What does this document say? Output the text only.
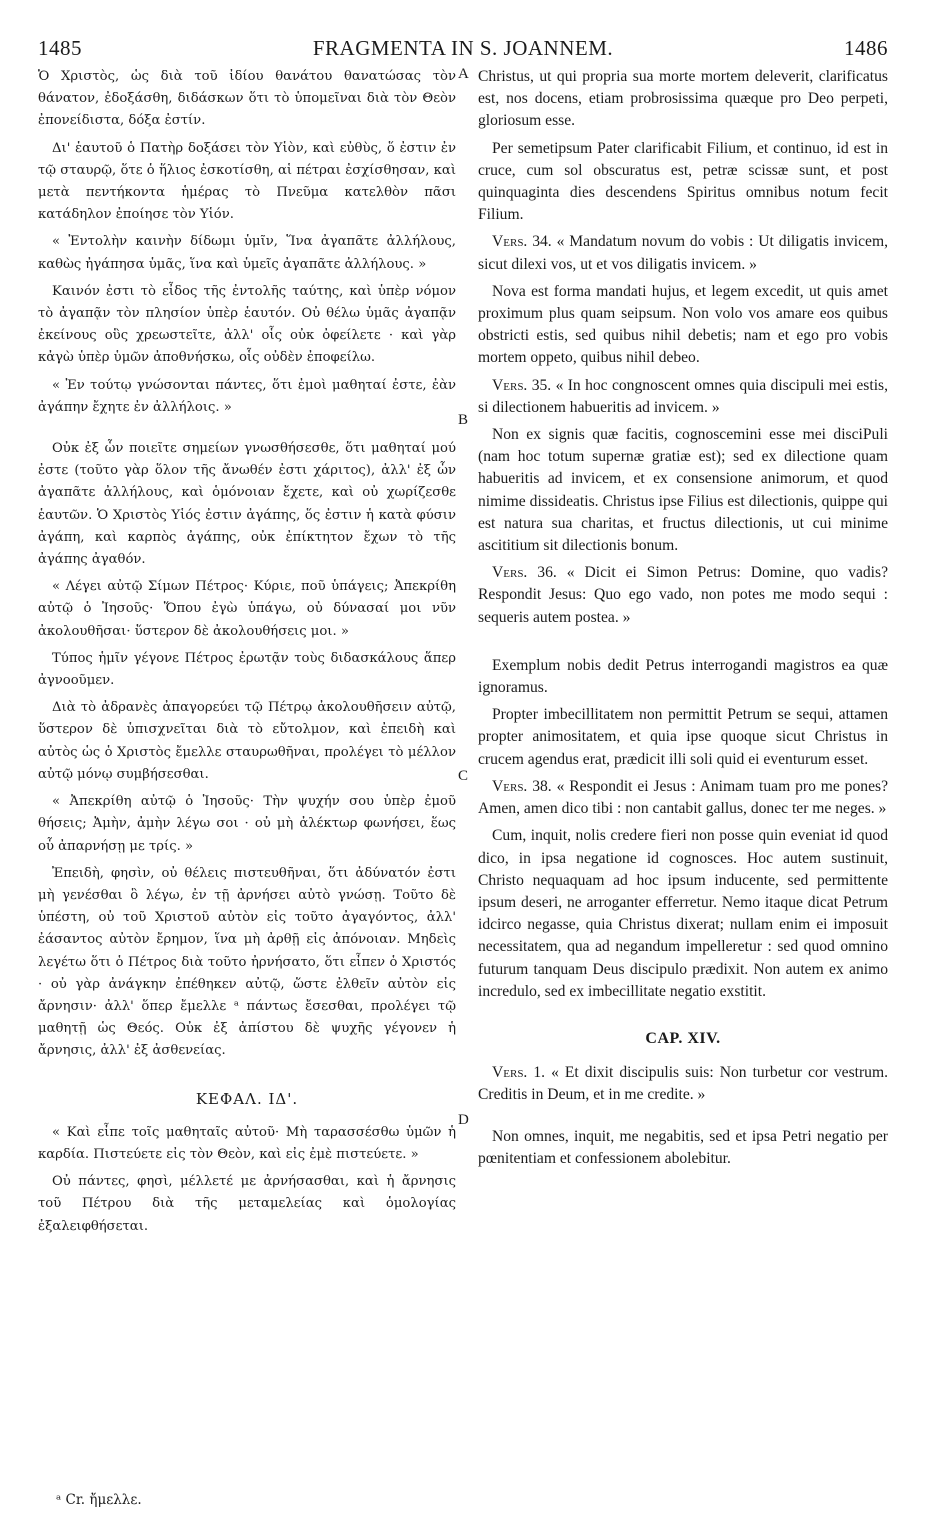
1485	FRAGMENTA IN S. JOANNEM.	1486
A
B
C
D

Ὁ Χριστὸς, ὡς διὰ τοῦ ἰδίου θανάτου θανατώσας τὸν θάνατον, ἐδοξάσθη, διδάσκων ὅτι τὸ ὑπομεῖναι διὰ τὸν Θεὸν ἐπονείδιστα, δόξα ἐστίν.

Δι' ἑαυτοῦ ὁ Πατὴρ δοξάσει τὸν Υἱὸν, καὶ εὐθὺς, ὅ ἐστιν ἐν τῷ σταυρῷ, ὅτε ὁ ἥλιος ἐσκοτίσθη, αἱ πέτραι ἐσχίσθησαν, καὶ μετὰ πεντήκοντα ἡμέρας τὸ Πνεῦμα κατελθὸν πᾶσι κατάδηλον ἐποίησε τὸν Υἱόν.

« Ἐντολὴν καινὴν δίδωμι ὑμῖν, Ἵνα ἀγαπᾶτε ἀλλήλους, καθὼς ἠγάπησα ὑμᾶς, ἵνα καὶ ὑμεῖς ἀγαπᾶτε ἀλλήλους. »

Καινόν ἐστι τὸ εἶδος τῆς ἐντολῆς ταύτης, καὶ ὑπὲρ νόμον τὸ ἀγαπᾷν τὸν πλησίον ὑπὲρ ἑαυτόν. Οὐ θέλω ὑμᾶς ἀγαπᾷν ἐκείνους οὓς χρεωστεῖτε, ἀλλ' οἷς οὐκ ὀφείλετε · καὶ γὰρ κἀγὼ ὑπὲρ ὑμῶν ἀποθνήσκω, οἷς οὐδὲν ἐποφείλω.

« Ἐν τούτῳ γνώσονται πάντες, ὅτι ἐμοὶ μαθηταί ἐστε, ἐὰν ἀγάπην ἔχητε ἐν ἀλλήλοις. »

Οὐκ ἐξ ὧν ποιεῖτε σημείων γνωσθήσεσθε, ὅτι μαθηταί μού ἐστε (τοῦτο γὰρ ὅλον τῆς ἄνωθέν ἐστι χάριτος), ἀλλ' ἐξ ὧν ἀγαπᾶτε ἀλλήλους, καὶ ὁμόνοιαν ἔχετε, καὶ οὐ χωρίζεσθε ἑαυτῶν. Ὁ Χριστὸς Υἱός ἐστιν ἀγάπης, ὅς ἐστιν ἡ κατὰ φύσιν ἀγάπη, καὶ καρπὸς ἀγάπης, οὐκ ἐπίκτητον ἔχων τὸ τῆς ἀγάπης ἀγαθόν.

« Λέγει αὐτῷ Σίμων Πέτρος· Κύριε, ποῦ ὑπάγεις; Ἀπεκρίθη αὐτῷ ὁ Ἰησοῦς· Ὅπου ἐγὼ ὑπάγω, οὐ δύνασαί μοι νῦν ἀκολουθῆσαι· ὕστερον δὲ ἀκολουθήσεις μοι. »

Τύπος ἡμῖν γέγονε Πέτρος ἐρωτᾷν τοὺς διδασκάλους ἅπερ ἀγνοοῦμεν.

Διὰ τὸ ἀδρανὲς ἀπαγορεύει τῷ Πέτρῳ ἀκολουθῆσειν αὐτῷ, ὕστερον δὲ ὑπισχνεῖται διὰ τὸ εὔτολμον, καὶ ἐπειδὴ καὶ αὐτὸς ὡς ὁ Χριστὸς ἔμελλε σταυρωθῆναι, προλέγει τὸ μέλλον αὐτῷ μόνῳ συμβήσεσθαι.

« Ἀπεκρίθη αὐτῷ ὁ Ἰησοῦς· Τὴν ψυχήν σου ὑπὲρ ἐμοῦ θήσεις; Ἀμὴν, ἀμὴν λέγω σοι · οὐ μὴ ἀλέκτωρ φωνήσει, ἕως οὗ ἀπαρνήσῃ με τρίς. »

Ἐπειδὴ, φησὶν, οὐ θέλεις πιστευθῆναι, ὅτι ἀδύνατόν ἐστι μὴ γενέσθαι ὃ λέγω, ἐν τῇ ἀρνήσει αὐτὸ γνώσῃ. Τοῦτο δὲ ὑπέστη, οὐ τοῦ Χριστοῦ αὐτὸν εἰς τοῦτο ἀγαγόντος, ἀλλ' ἐάσαντος αὐτὸν ἔρημον, ἵνα μὴ ἀρθῇ εἰς ἀπόνοιαν. Μηδεὶς λεγέτω ὅτι ὁ Πέτρος διὰ τοῦτο ἠρνήσατο, ὅτι εἶπεν ὁ Χριστός · οὐ γὰρ ἀνάγκην ἐπέθηκεν αὐτῷ, ὥστε ἐλθεῖν αὐτὸν εἰς ἄρνησιν· ἀλλ' ὅπερ ἔμελλε ᵃ πάντως ἔσεσθαι, προλέγει τῷ μαθητῇ ὡς Θεός. Οὐκ ἐξ ἀπίστου δὲ ψυχῆς γέγονεν ἡ ἄρνησις, ἀλλ' ἐξ ἀσθενείας.

ΚΕΦΑΛ. ΙΔ'.

« Καὶ εἶπε τοῖς μαθηταῖς αὐτοῦ· Μὴ ταρασσέσθω ὑμῶν ἡ καρδία. Πιστεύετε εἰς τὸν Θεὸν, καὶ εἰς ἐμὲ πιστεύετε. »

Οὐ πάντες, φησὶ, μέλλετέ με ἀρνήσασθαι, καὶ ἡ ἄρνησις τοῦ Πέτρου διὰ τῆς μεταμελείας καὶ ὁμολογίας ἐξαλειφθήσεται.

Christus, ut qui propria sua morte mortem deleverit, clarificatus est, nos docens, etiam probrosissima quæque pro Deo perpeti, gloriosum esse.

Per semetipsum Pater clarificabit Filium, et continuo, id est in cruce, cum sol obscuratus est, petræ scissæ sunt, et post quinquaginta dies descendens Spiritus omnibus notum fecit Filium.

Vers. 34. « Mandatum novum do vobis : Ut diligatis invicem, sicut dilexi vos, ut et vos diligatis invicem. »

Nova est forma mandati hujus, et legem excedit, ut quis amet proximum plus quam seipsum. Non volo vos amare eos quibus obstricti estis, sed quibus nihil debetis; nam et ego pro vobis mortem oppeto, quibus nihil debeo.

Vers. 35. « In hoc congnoscent omnes quia discipuli mei estis, si dilectionem habueritis ad invicem. »

Non ex signis quæ facitis, cognoscemini esse mei disciPuli (nam hoc totum supernæ gratiæ est); sed ex dilectione quam habueritis ad invicem, et ex consensione animorum, et quod nimime dissideatis. Christus ipse Filius est dilectionis, quippe qui est natura sua charitas, et fructus dilectionis, ut cui minime ascititium sit dilectionis bonum.

Vers. 36. « Dicit ei Simon Petrus: Domine, quo vadis? Respondit Jesus: Quo ego vado, non potes me modo sequi : sequeris autem postea. »

Exemplum nobis dedit Petrus interrogandi magistros ea quæ ignoramus.

Propter imbecillitatem non permittit Petrum se sequi, attamen propter animositatem, et quia ipse quoque sicut Christus in crucem agendus erat, prædicit illi soli quid ei eventurum esset.

Vers. 38. « Respondit ei Jesus : Animam tuam pro me pones? Amen, amen dico tibi : non cantabit gallus, donec ter me neges. »

Cum, inquit, nolis credere fieri non posse quin eveniat id quod dico, in ipsa negatione id cognosces. Hoc autem sustinuit, Christo nequaquam ad hoc ipsum inducente, sed permittente ipsum deseri, ne arroganter efferretur. Nemo itaque dicat Petrum idcirco negasse, quia Christus dixerat; nullam enim ei imposuit necessitatem, qua ad negandum impelleretur : sed quod omnino futurum tanquam Deus discipulo prædixit. Non autem ex animo incredulo, sed ex imbecillitate negatio exstitit.

CAP. XIV.

Vers. 1. « Et dixit discipulis suis: Non turbetur cor vestrum. Creditis in Deum, et in me credite. »

Non omnes, inquit, me negabitis, sed et ipsa Petri negatio per pœnitentiam et confessionem abolebitur.

ᵃ Cr. ἤμελλε.
